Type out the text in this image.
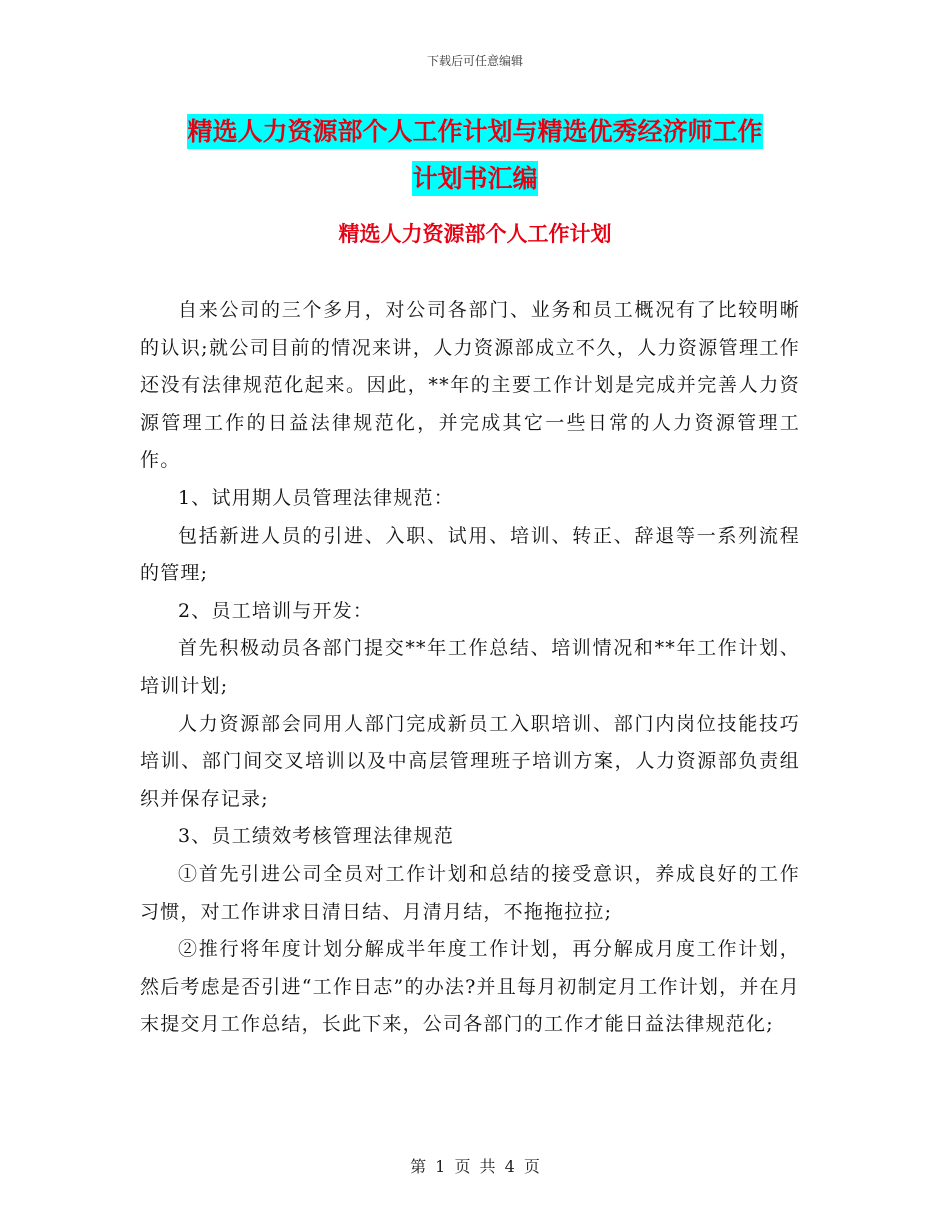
下载后可任意编辑
精选人力资源部个人工作计划与精选优秀经济师工作
计划书汇编
精选人力资源部个人工作计划

自来公司的三个多月，对公司各部门、业务和员工概况有了比较明晰的认识;就公司目前的情况来讲，人力资源部成立不久，人力资源管理工作还没有法律规范化起来。因此，**年的主要工作计划是完成并完善人力资源管理工作的日益法律规范化，并完成其它一些日常的人力资源管理工作。

1、试用期人员管理法律规范：

包括新进人员的引进、入职、试用、培训、转正、辞退等一系列流程的管理;

2、员工培训与开发：

首先积极动员各部门提交**年工作总结、培训情况和**年工作计划、培训计划;

人力资源部会同用人部门完成新员工入职培训、部门内岗位技能技巧培训、部门间交叉培训以及中高层管理班子培训方案，人力资源部负责组织并保存记录;

3、员工绩效考核管理法律规范

①首先引进公司全员对工作计划和总结的接受意识，养成良好的工作习惯，对工作讲求日清日结、月清月结，不拖拖拉拉;

②推行将年度计划分解成半年度工作计划，再分解成月度工作计划，然后考虑是否引进“工作日志”的办法?并且每月初制定月工作计划，并在月末提交月工作总结，长此下来，公司各部门的工作才能日益法律规范化;

第 1 页 共 4 页
